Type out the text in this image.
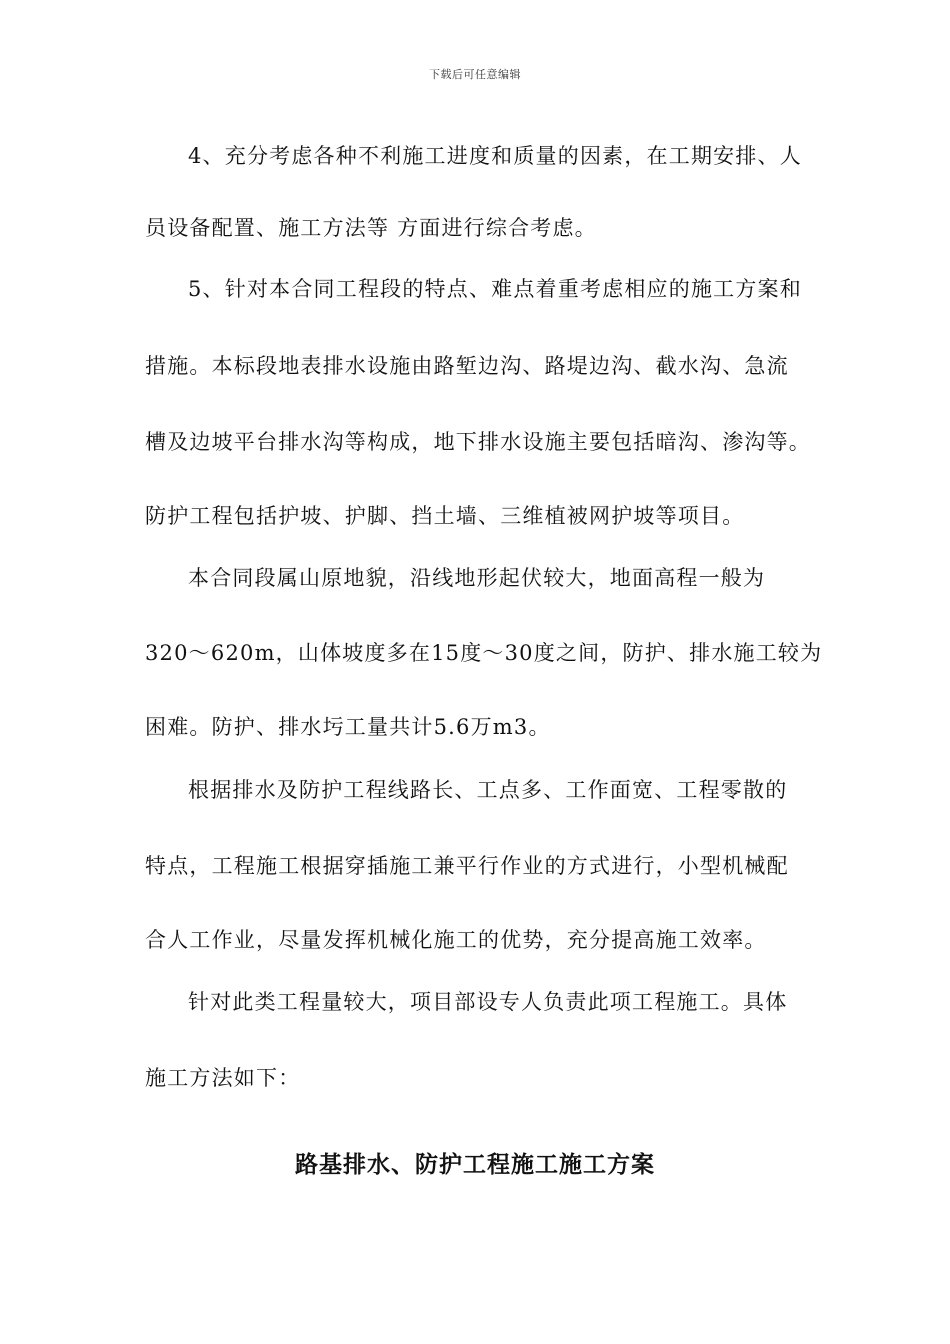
下载后可任意编辑
4、充分考虑各种不利施工进度和质量的因素，在工期安排、人
员设备配置、施工方法等 方面进行综合考虑。
5、针对本合同工程段的特点、难点着重考虑相应的施工方案和
措施。本标段地表排水设施由路堑边沟、路堤边沟、截水沟、急流
槽及边坡平台排水沟等构成，地下排水设施主要包括暗沟、渗沟等。
防护工程包括护坡、护脚、挡土墙、三维植被网护坡等项目。
本合同段属山原地貌，沿线地形起伏较大，地面高程一般为
320～620m，山体坡度多在15度～30度之间，防护、排水施工较为
困难。防护、排水圬工量共计5.6万m3。
根据排水及防护工程线路长、工点多、工作面宽、工程零散的
特点，工程施工根据穿插施工兼平行作业的方式进行，小型机械配
合人工作业，尽量发挥机械化施工的优势，充分提高施工效率。
针对此类工程量较大，项目部设专人负责此项工程施工。具体
施工方法如下：
路基排水、防护工程施工施工方案
